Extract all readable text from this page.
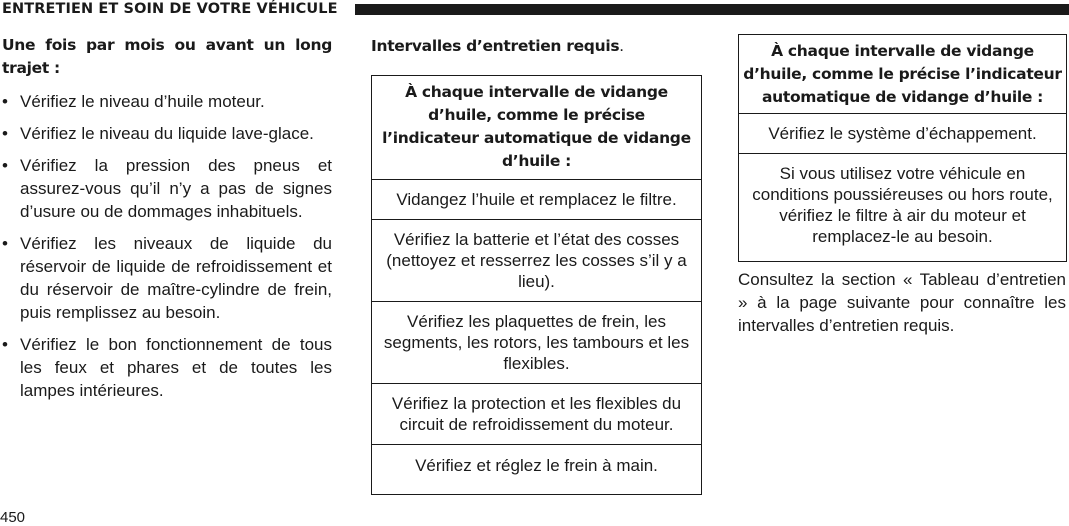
ENTRETIEN ET SOIN DE VOTRE VÉHICULE
Une fois par mois ou avant un long trajet :
• Vérifiez le niveau d’huile moteur.
• Vérifiez le niveau du liquide lave-glace.
• Vérifiez la pression des pneus et assurez-vous qu’il n’y a pas de signes d’usure ou de dommages inhabituels.
• Vérifiez les niveaux de liquide du réservoir de liquide de refroidissement et du réservoir de maître-cylindre de frein, puis remplissez au besoin.
• Vérifiez le bon fonctionnement de tous les feux et phares et de toutes les lampes intérieures.
Intervalles d’entretien requis.
À chaque intervalle de vidange d’huile, comme le précise l’indicateur automatique de vidange d’huile :
Vidangez l’huile et remplacez le filtre.
Vérifiez la batterie et l’état des cosses (nettoyez et resserrez les cosses s’il y a lieu).
Vérifiez les plaquettes de frein, les segments, les rotors, les tambours et les flexibles.
Vérifiez la protection et les flexibles du circuit de refroidissement du moteur.
Vérifiez et réglez le frein à main.
À chaque intervalle de vidange d’huile, comme le précise l’indicateur automatique de vidange d’huile :
Vérifiez le système d’échappement.
Si vous utilisez votre véhicule en conditions poussiéreuses ou hors route, vérifiez le filtre à air du moteur et remplacez-le au besoin.

Consultez la section « Tableau d’entretien » à la page suivante pour connaître les intervalles d’entretien requis.

450
